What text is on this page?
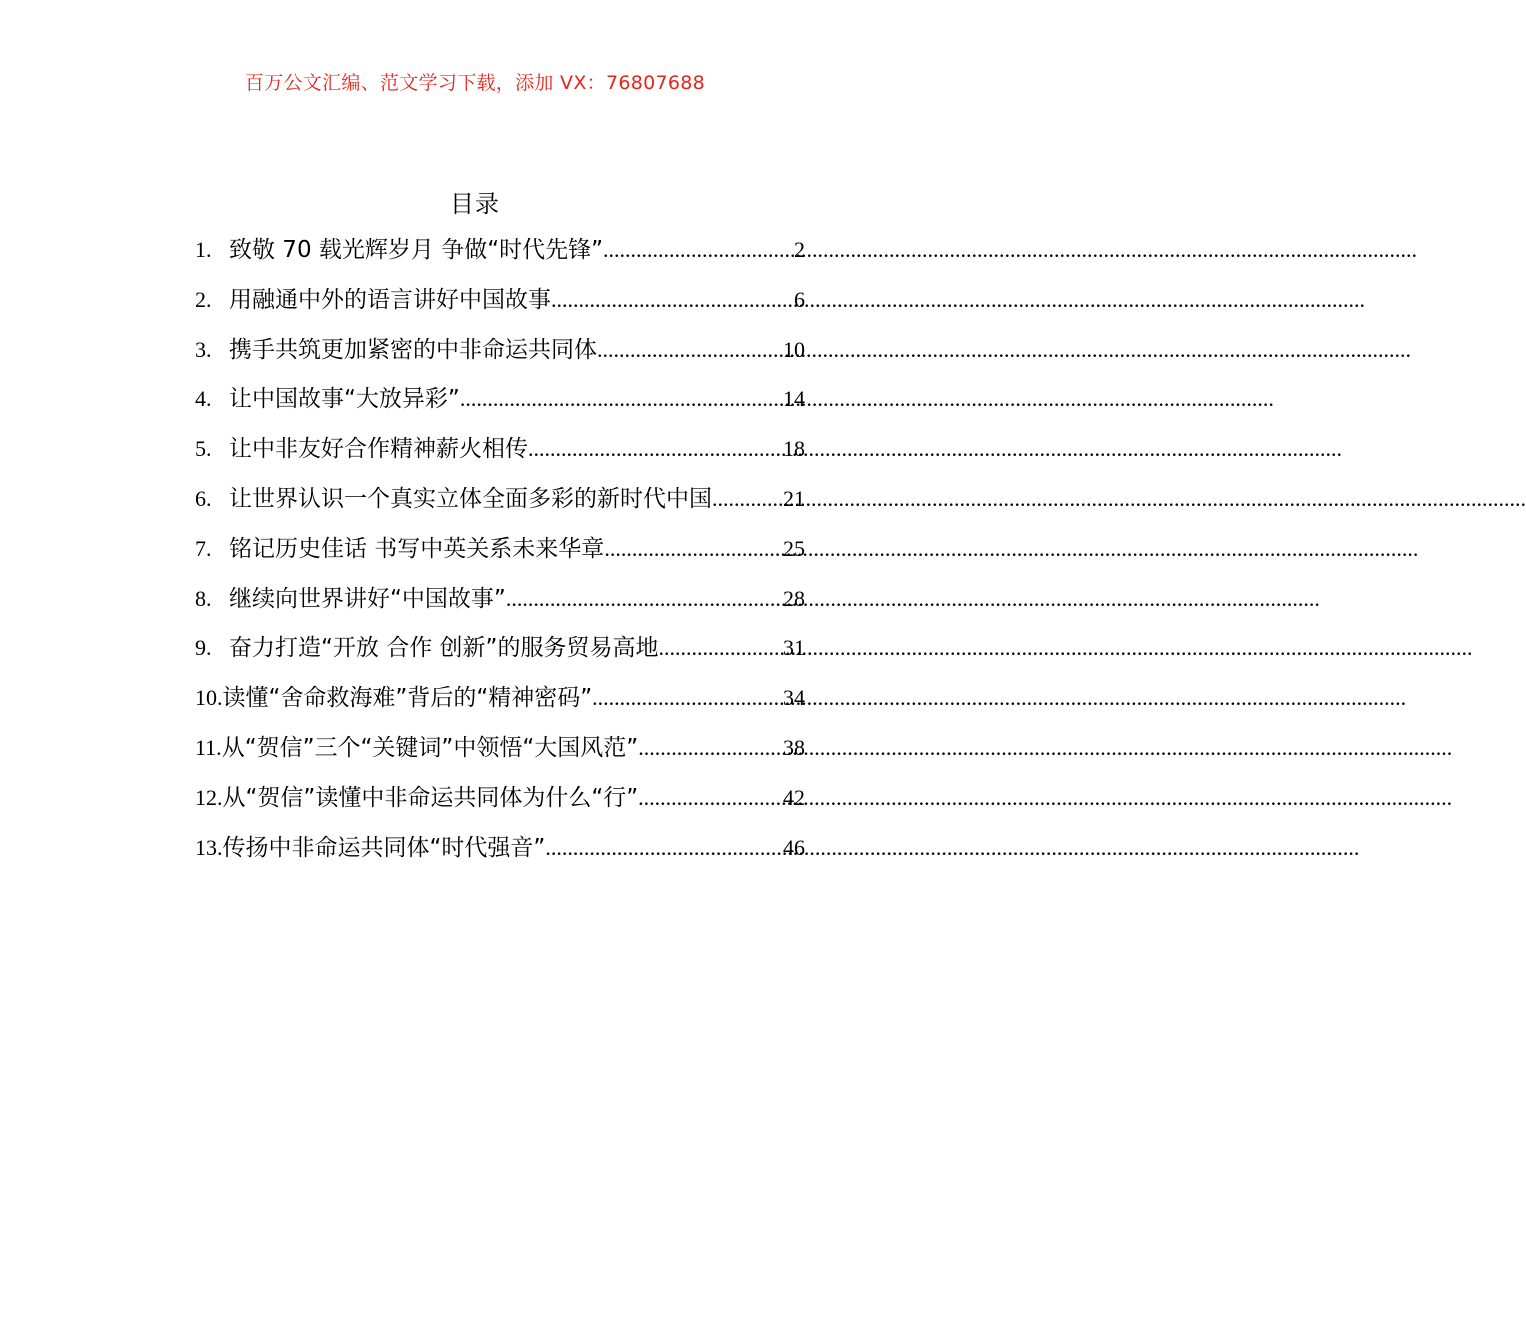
百万公文汇编、范文学习下载，添加 VX：76807688
目录
1. 致敬 70 载光辉岁月 争做“时代先锋” .....	2
2. 用融通中外的语言讲好中国故事 .....	6
3. 携手共筑更加紧密的中非命运共同体 .....	10
4. 让中国故事“大放异彩” .....	14
5. 让中非友好合作精神薪火相传 .....	18
6. 让世界认识一个真实立体全面多彩的新时代中国 .....	21
7. 铭记历史佳话 书写中英关系未来华章 .....	25
8. 继续向世界讲好“中国故事” .....	28
9. 奋力打造“开放 合作 创新”的服务贸易高地 .....	31
10. 读懂“舍命救海难”背后的“精神密码” .....	34
11. 从“贺信”三个“关键词”中领悟“大国风范” .....	38
12. 从“贺信”读懂中非命运共同体为什么“行” .....	42
13. 传扬中非命运共同体“时代强音” .....	46
